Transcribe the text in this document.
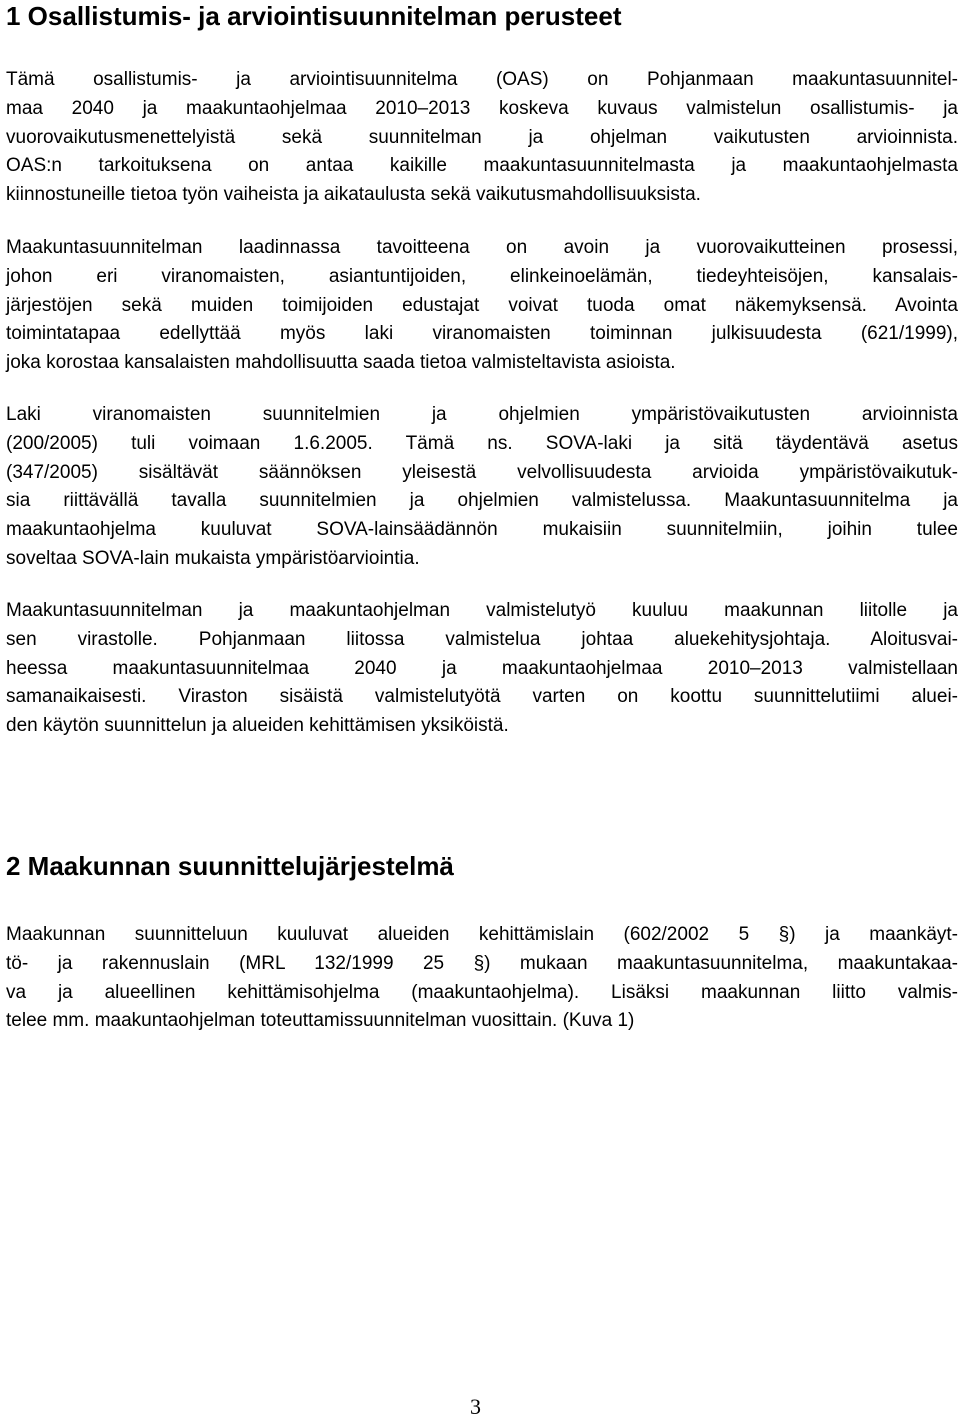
1 Osallistumis- ja arviointisuunnitelman perusteet
Tämä osallistumis- ja arviointisuunnitelma (OAS) on Pohjanmaan maakuntasuunnitel-
maa 2040 ja maakuntaohjelmaa 2010–2013 koskeva kuvaus valmistelun osallistumis- ja
vuorovaikutusmenettelyistä sekä suunnitelman ja ohjelman vaikutusten arvioinnista.
OAS:n tarkoituksena on antaa kaikille maakuntasuunnitelmasta ja maakuntaohjelmasta
kiinnostuneille tietoa työn vaiheista ja aikataulusta sekä vaikutusmahdollisuuksista.
Maakuntasuunnitelman laadinnassa tavoitteena on avoin ja vuorovaikutteinen prosessi,
johon eri viranomaisten, asiantuntijoiden, elinkeinoelämän, tiedeyhteisöjen, kansalais-
järjestöjen sekä muiden toimijoiden edustajat voivat tuoda omat näkemyksensä. Avointa
toimintatapaa edellyttää myös laki viranomaisten toiminnan julkisuudesta (621/1999),
joka korostaa kansalaisten mahdollisuutta saada tietoa valmisteltavista asioista.
Laki viranomaisten suunnitelmien ja ohjelmien ympäristövaikutusten arvioinnista
(200/2005) tuli voimaan 1.6.2005. Tämä ns. SOVA-laki ja sitä täydentävä asetus
(347/2005) sisältävät säännöksen yleisestä velvollisuudesta arvioida ympäristövaikutuk-
sia riittävällä tavalla suunnitelmien ja ohjelmien valmistelussa. Maakuntasuunnitelma ja
maakuntaohjelma kuuluvat SOVA-lainsäädännön mukaisiin suunnitelmiin, joihin tulee
soveltaa SOVA-lain mukaista ympäristöarviointia.
Maakuntasuunnitelman ja maakuntaohjelman valmistelutyö kuuluu maakunnan liitolle ja
sen virastolle. Pohjanmaan liitossa valmistelua johtaa aluekehitysjohtaja. Aloitusvai-
heessa maakuntasuunnitelmaa 2040 ja maakuntaohjelmaa 2010–2013 valmistellaan
samanaikaisesti. Viraston sisäistä valmistelutyötä varten on koottu suunnittelutiimi aluei-
den käytön suunnittelun ja alueiden kehittämisen yksiköistä.
2 Maakunnan suunnittelujärjestelmä
Maakunnan suunnitteluun kuuluvat alueiden kehittämislain (602/2002 5 §) ja maankäyt-
tö- ja rakennuslain (MRL 132/1999 25 §) mukaan maakuntasuunnitelma, maakuntakaa-
va ja alueellinen kehittämisohjelma (maakuntaohjelma). Lisäksi maakunnan liitto valmis-
telee mm. maakuntaohjelman toteuttamissuunnitelman vuosittain. (Kuva 1)
3
